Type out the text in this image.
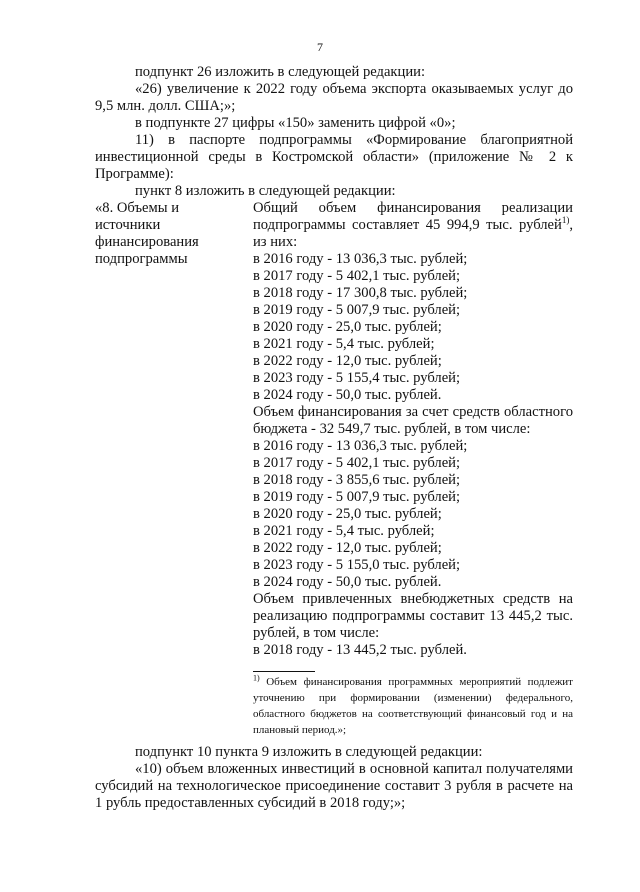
7

подпункт 26 изложить в следующей редакции:

«26) увеличение к 2022 году объема экспорта оказываемых услуг до 9,5 млн. долл. США;»;

в подпункте 27 цифры «150» заменить цифрой «0»;

11) в паспорте подпрограммы «Формирование благоприятной инвестиционной среды в Костромской области» (приложение № 2 к Программе):

пункт 8 изложить в следующей редакции:

«8. Объемы и

источники

финансирования

подпрограммы

Общий объем финансирования реализации подпрограммы составляет 45 994,9 тыс. рублей$^{1)}$, из них:

в 2016 году - 13 036,3 тыс. рублей;

в 2017 году - 5 402,1 тыс. рублей;

в 2018 году - 17 300,8 тыс. рублей;

в 2019 году - 5 007,9 тыс. рублей;

в 2020 году - 25,0 тыс. рублей;

в 2021 году - 5,4 тыс. рублей;

в 2022 году - 12,0 тыс. рублей;

в 2023 году - 5 155,4 тыс. рублей;

в 2024 году - 50,0 тыс. рублей.

Объем финансирования за счет средств областного бюджета - 32 549,7 тыс. рублей, в том числе:

в 2016 году - 13 036,3 тыс. рублей;

в 2017 году - 5 402,1 тыс. рублей;

в 2018 году - 3 855,6 тыс. рублей;

в 2019 году - 5 007,9 тыс. рублей;

в 2020 году - 25,0 тыс. рублей;

в 2021 году - 5,4 тыс. рублей;

в 2022 году - 12,0 тыс. рублей;

в 2023 году - 5 155,0 тыс. рублей;

в 2024 году - 50,0 тыс. рублей.

Объем привлеченных внебюджетных средств на реализацию подпрограммы составит 13 445,2 тыс. рублей, в том числе:

в 2018 году - 13 445,2 тыс. рублей.

$^{1)}$ Объем финансирования программных мероприятий подлежит уточнению при формировании (изменении) федерального, областного бюджетов на соответствующий финансовый год и на плановый период.»;

подпункт 10 пункта 9 изложить в следующей редакции:

«10) объем вложенных инвестиций в основной капитал получателями субсидий на технологическое присоединение составит 3 рубля в расчете на 1 рубль предоставленных субсидий в 2018 году;»;
